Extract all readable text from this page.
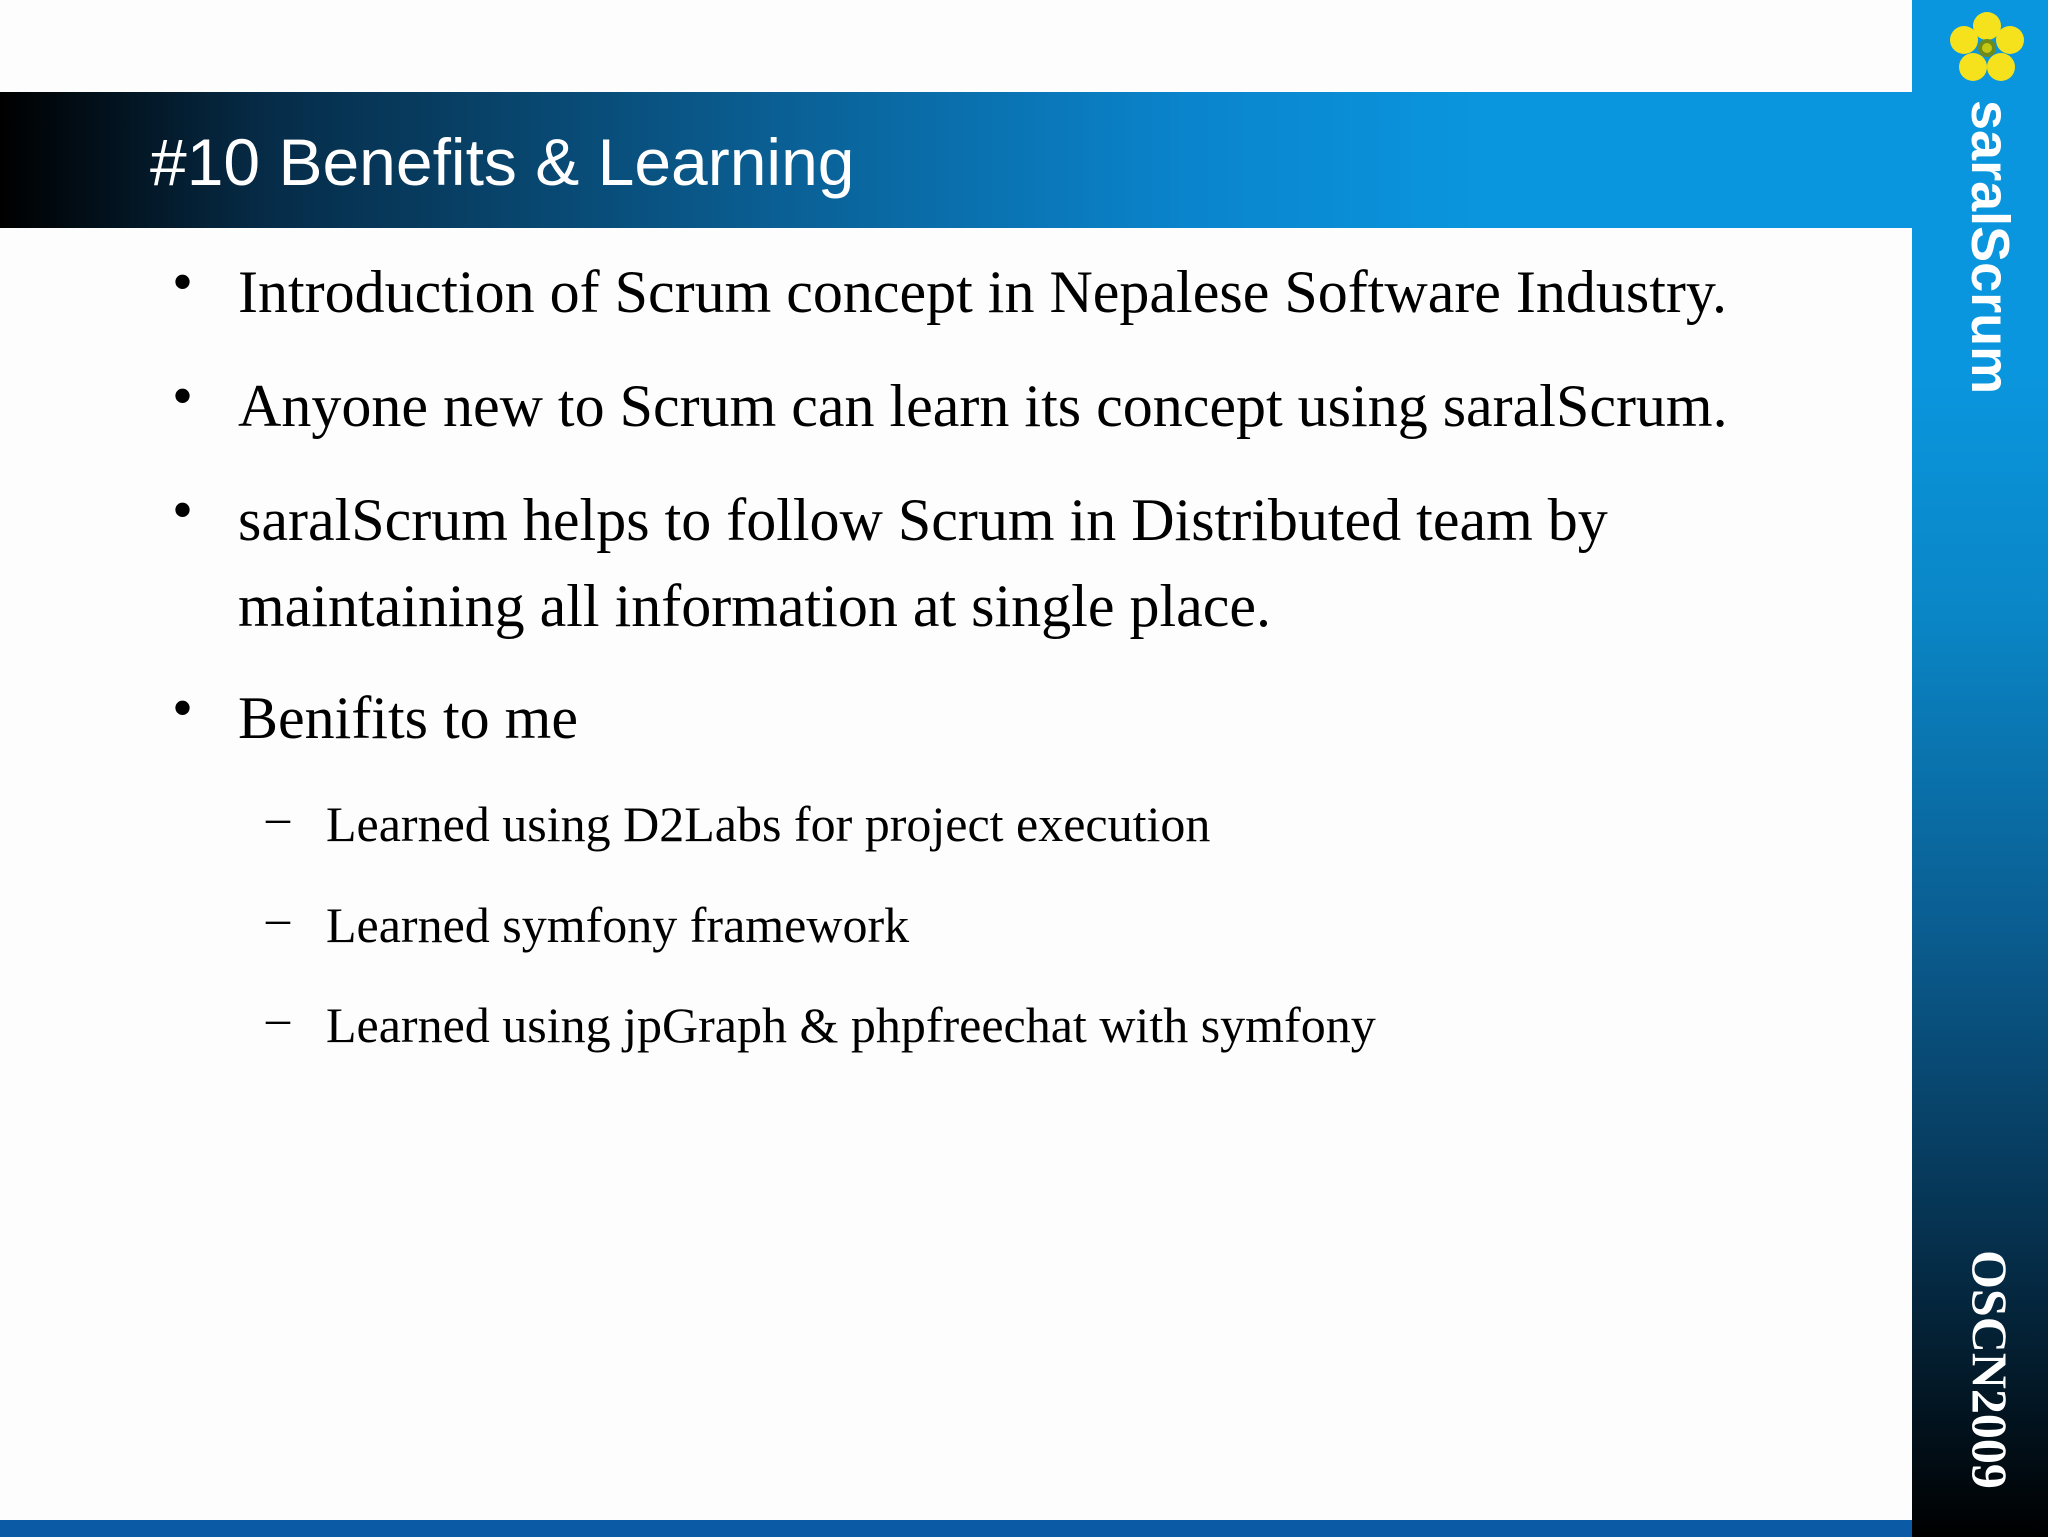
#10 Benefits & Learning	saralScrum
OSCN2009
• Introduction of Scrum concept in Nepalese Software Industry.
• Anyone new to Scrum can learn its concept using saralScrum.
• saralScrum helps to follow Scrum in Distributed team by
maintaining all information at single place.
• Benifits to me
– Learned using D2Labs for project execution
– Learned symfony framework
– Learned using jpGraph & phpfreechat with symfony
